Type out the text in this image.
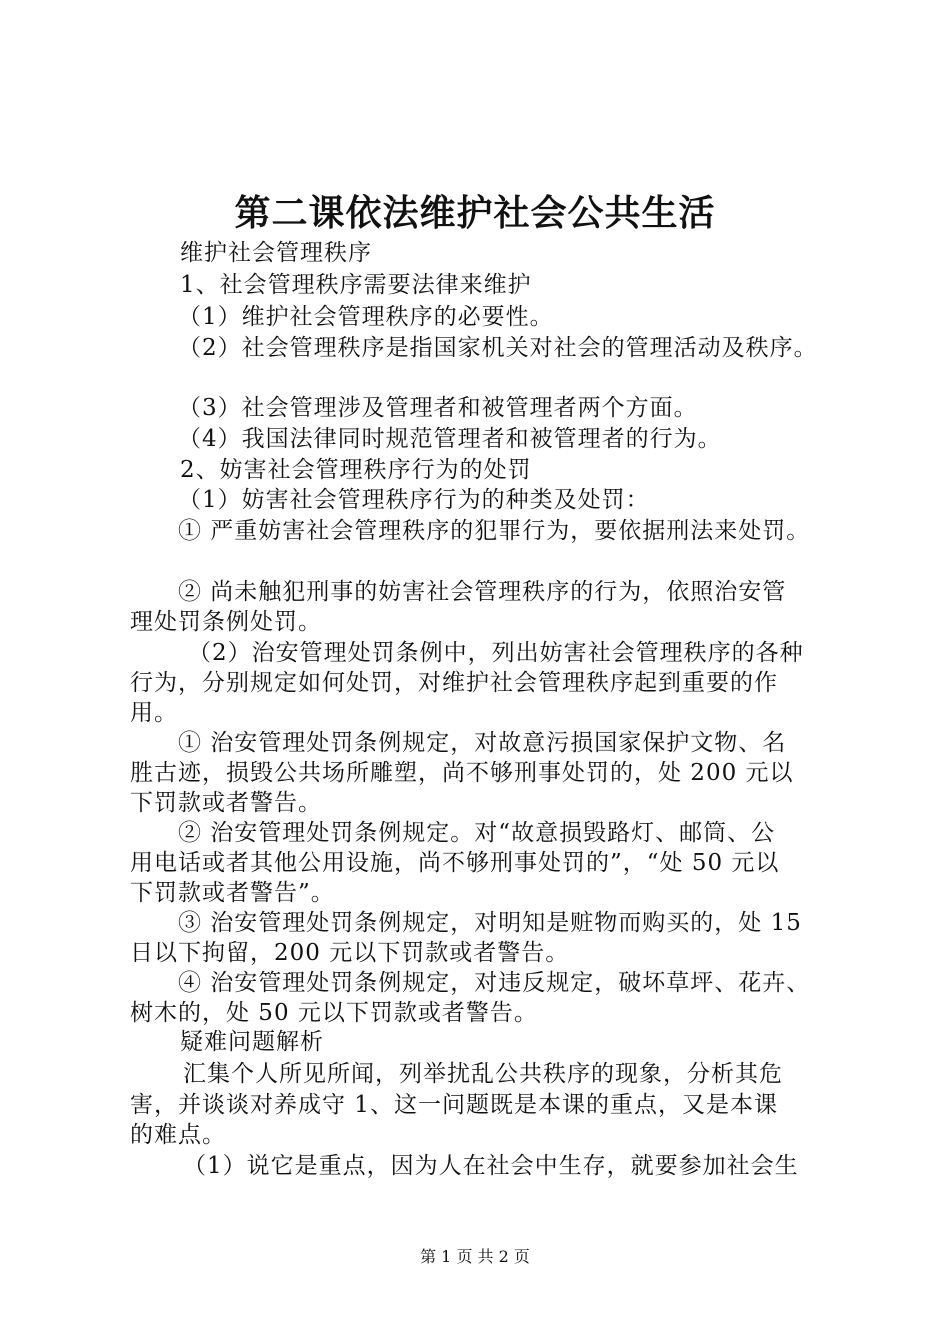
第二课依法维护社会公共生活
维护社会管理秩序
1、社会管理秩序需要法律来维护
（1）维护社会管理秩序的必要性。
（2）社会管理秩序是指国家机关对社会的管理活动及秩序。
（3）社会管理涉及管理者和被管理者两个方面。
（4）我国法律同时规范管理者和被管理者的行为。
2、妨害社会管理秩序行为的处罚
（1）妨害社会管理秩序行为的种类及处罚：
① 严重妨害社会管理秩序的犯罪行为，要依据刑法来处罚。
② 尚未触犯刑事的妨害社会管理秩序的行为，依照治安管
理处罚条例处罚。
（2）治安管理处罚条例中，列出妨害社会管理秩序的各种
行为，分别规定如何处罚，对维护社会管理秩序起到重要的作
用。
① 治安管理处罚条例规定，对故意污损国家保护文物、名
胜古迹，损毁公共场所雕塑，尚不够刑事处罚的，处 200 元以
下罚款或者警告。
② 治安管理处罚条例规定。对“故意损毁路灯、邮筒、公
用电话或者其他公用设施，尚不够刑事处罚的”，“处 50 元以
下罚款或者警告”。
③ 治安管理处罚条例规定，对明知是赃物而购买的，处 15
日以下拘留，200 元以下罚款或者警告。
④ 治安管理处罚条例规定，对违反规定，破坏草坪、花卉、
树木的，处 50 元以下罚款或者警告。
疑难问题解析
汇集个人所见所闻，列举扰乱公共秩序的现象，分析其危
害，并谈谈对养成守 1、这一问题既是本课的重点，又是本课
的难点。
（1）说它是重点，因为人在社会中生存，就要参加社会生
第 1 页 共 2 页
